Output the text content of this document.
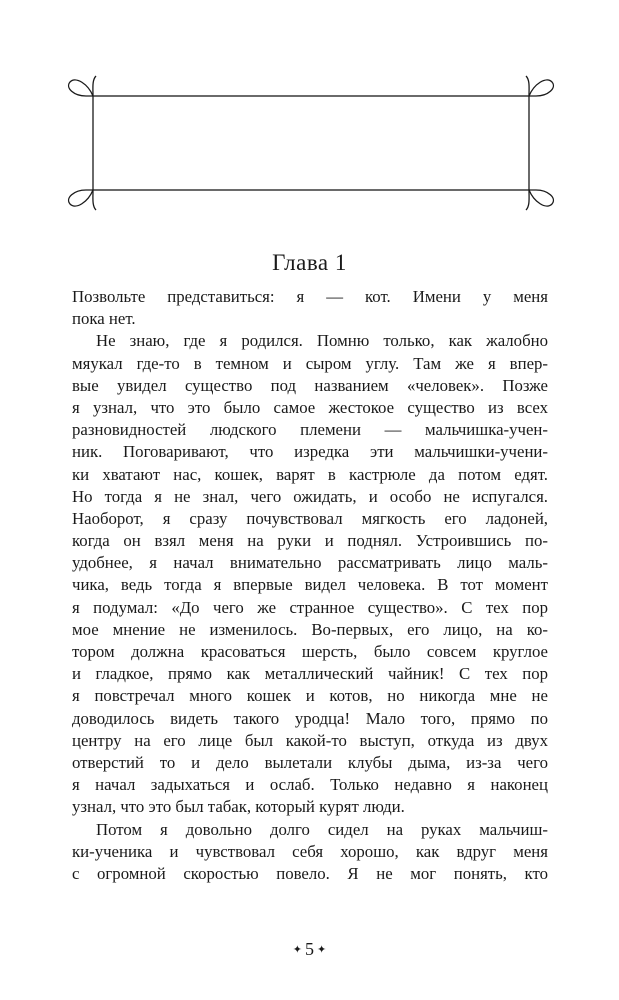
Глава 1
Позвольте представиться: я — кот. Имени у меня
пока нет.
Не знаю, где я родился. Помню только, как жалобно
мяукал где-то в темном и сыром углу. Там же я впер-
вые увидел существо под названием «человек». Позже
я узнал, что это было самое жестокое существо из всех
разновидностей людского племени — мальчишка-учен-
ник. Поговаривают, что изредка эти мальчишки-учени-
ки хватают нас, кошек, варят в кастрюле да потом едят.
Но тогда я не знал, чего ожидать, и особо не испугался.
Наоборот, я сразу почувствовал мягкость его ладоней,
когда он взял меня на руки и поднял. Устроившись по-
удобнее, я начал внимательно рассматривать лицо маль-
чика, ведь тогда я впервые видел человека. В тот момент
я подумал: «До чего же странное существо». С тех пор
мое мнение не изменилось. Во-первых, его лицо, на ко-
тором должна красоваться шерсть, было совсем круглое
и гладкое, прямо как металлический чайник! С тех пор
я повстречал много кошек и котов, но никогда мне не
доводилось видеть такого уродца! Мало того, прямо по
центру на его лице был какой-то выступ, откуда из двух
отверстий то и дело вылетали клубы дыма, из-за чего
я начал задыхаться и ослаб. Только недавно я наконец
узнал, что это был табак, который курят люди.
Потом я довольно долго сидел на руках мальчиш-
ки-ученика и чувствовал себя хорошо, как вдруг меня
с огромной скоростью повело. Я не мог понять, кто
✦ 5 ✦
